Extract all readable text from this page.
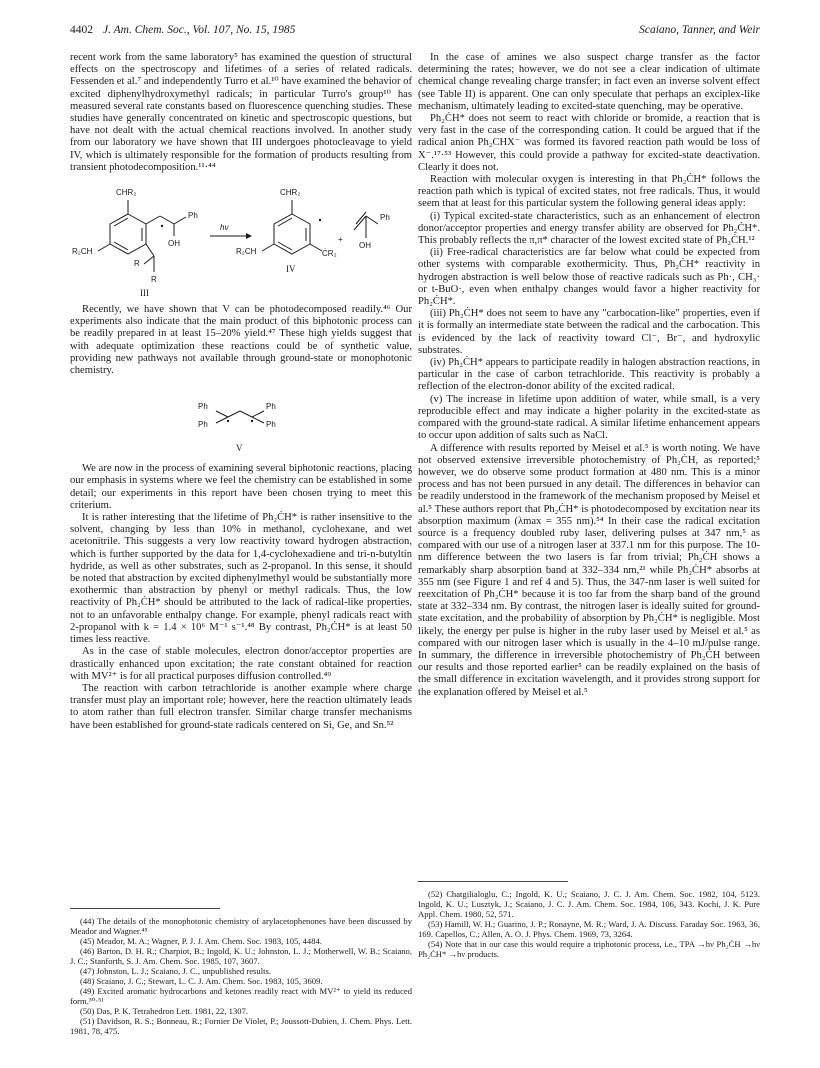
4402 J. Am. Chem. Soc., Vol. 107, No. 15, 1985	Scaiano, Tanner, and Weir

recent work from the same laboratory⁵ has examined the question of structural effects on the spectroscopy and lifetimes of a series of related radicals. Fessenden et al.⁷ and independently Turro et al.¹⁰ have examined the behavior of excited diphenylhydroxymethyl radicals; in particular Turro's group¹⁰ has measured several rate constants based on fluorescence quenching studies. These studies have generally concentrated on kinetic and spectroscopic questions, but have not dealt with the actual chemical reactions involved. In another study from our laboratory we have shown that III undergoes photocleavage to yield IV, which is ultimately responsible for the formation of products resulting from transient photodecomposition.¹¹·⁴⁴

CHR₂
Ph
OH
R₂CH
R
R
III
hν
CHR₂
R₂CH	ĊR₂
IV
+
Ph
OH

Recently, we have shown that V can be photodecomposed readily.⁴⁶ Our experiments also indicate that the main product of this biphotonic process can be readily prepared in at least 15–20% yield.⁴⁷ These high yields suggest that with adequate optimization these reactions could be of synthetic value, providing new pathways not available through ground-state or monophotonic chemistry.

Ph
Ph
Ph
Ph
V

We are now in the process of examining several biphotonic reactions, placing our emphasis in systems where we feel the chemistry can be established in some detail; our experiments in this report have been chosen trying to meet this criterium.

It is rather interesting that the lifetime of Ph₂ĊH* is rather insensitive to the solvent, changing by less than 10% in methanol, cyclohexane, and wet acetonitrile. This suggests a very low reactivity toward hydrogen abstraction, which is further supported by the data for 1,4-cyclohexadiene and tri-n-butyltin hydride, as well as other substrates, such as 2-propanol. In this sense, it should be noted that abstraction by excited diphenylmethyl would be substantially more exothermic than abstraction by phenyl or methyl radicals. Thus, the low reactivity of Ph₂ĊH* should be attributed to the lack of radical-like properties, not to an unfavorable enthalpy change. For example, phenyl radicals react with 2-propanol with k = 1.4 × 10⁶ M⁻¹ s⁻¹.⁴⁸ By contrast, Ph₂ĊH* is at least 50 times less reactive.

As in the case of stable molecules, electron donor/acceptor properties are drastically enhanced upon excitation; the rate constant obtained for reaction with MV²⁺ is for all practical purposes diffusion controlled.⁴⁹

The reaction with carbon tetrachloride is another example where charge transfer must play an important role; however, here the reaction ultimately leads to atom rather than full electron transfer. Similar charge transfer mechanisms have been established for ground-state radicals centered on Si, Ge, and Sn.⁵²

In the case of amines we also suspect charge transfer as the factor determining the rates; however, we do not see a clear indication of ultimate chemical change revealing charge transfer; in fact even an inverse solvent effect (see Table II) is apparent. One can only speculate that perhaps an exciplex-like mechanism, ultimately leading to excited-state quenching, may be operative.

Ph₂ĊH* does not seem to react with chloride or bromide, a reaction that is very fast in the case of the corresponding cation. It could be argued that if the radical anion Ph₂CHX⁻ was formed its favored reaction path would be loss of X⁻.¹⁷·⁵³ However, this could provide a pathway for excited-state deactivation. Clearly it does not.

Reaction with molecular oxygen is interesting in that Ph₂ĊH* follows the reaction path which is typical of excited states, not free radicals. Thus, it would seem that at least for this particular system the following general ideas apply:

(i) Typical excited-state characteristics, such as an enhancement of electron donor/acceptor properties and energy transfer ability are observed for Ph₂ĊH*. This probably reflects the π,π* character of the lowest excited state of Ph₂ĊH.¹²

(ii) Free-radical characteristics are far below what could be expected from other systems with comparable exothermicity. Thus, Ph₂ĊH* reactivity in hydrogen abstraction is well below those of reactive radicals such as Ph·, CH₃· or t-BuO·, even when enthalpy changes would favor a higher reactivity for Ph₂ĊH*.

(iii) Ph₂ĊH* does not seem to have any "carbocation-like" properties, even if it is formally an intermediate state between the radical and the carbocation. This is evidenced by the lack of reactivity toward Cl⁻, Br⁻, and hydroxylic substrates.

(iv) Ph₂ĊH* appears to participate readily in halogen abstraction reactions, in particular in the case of carbon tetrachloride. This reactivity is probably a reflection of the electron-donor ability of the excited radical.

(v) The increase in lifetime upon addition of water, while small, is a very reproducible effect and may indicate a higher polarity in the excited-state as compared with the ground-state radical. A similar lifetime enhancement appears to occur upon addition of salts such as NaCl.

A difference with results reported by Meisel et al.⁵ is worth noting. We have not observed extensive irreversible photochemistry of Ph₂ĊH, as reported;⁵ however, we do observe some product formation at 480 nm. This is a minor process and has not been pursued in any detail. The differences in behavior can be readily understood in the framework of the mechanism proposed by Meisel et al.⁵ These authors report that Ph₂ĊH* is photodecomposed by excitation near its absorption maximum (λmax = 355 nm).⁵⁴ In their case the radical excitation source is a frequency doubled ruby laser, delivering pulses at 347 nm,⁵ as compared with our use of a nitrogen laser at 337.1 nm for this purpose. The 10-nm difference between the two lasers is far from trivial; Ph₂ĊH shows a remarkably sharp absorption band at 332–334 nm,²¹ while Ph₂ĊH* absorbs at 355 nm (see Figure 1 and ref 4 and 5). Thus, the 347-nm laser is well suited for reexcitation of Ph₂ĊH* because it is too far from the sharp band of the ground state at 332–334 nm. By contrast, the nitrogen laser is ideally suited for ground-state excitation, and the probability of absorption by Ph₂ĊH* is negligible. Most likely, the energy per pulse is higher in the ruby laser used by Meisel et al.⁵ as compared with our nitrogen laser which is usually in the 4–10 mJ/pulse range. In summary, the difference in irreversible photochemistry of Ph₂ĊH between our results and those reported earlier⁵ can be readily explained on the basis of the small difference in excitation wavelength, and it provides strong support for the explanation offered by Meisel et al.⁵

(44) The details of the monophotonic chemistry of arylacetophenones have been discussed by Meador and Wagner.⁴⁵

(45) Meador, M. A.; Wagner, P. J. J. Am. Chem. Soc. 1983, 105, 4484.

(46) Barton, D. H. R.; Charpiot, B.; Ingold, K. U.; Johnston, L. J.; Motherwell, W. B.; Scaiano, J. C.; Stanforth, S. J. Am. Chem. Soc. 1985, 107, 3607.

(47) Johnston, L. J.; Scaiano, J. C., unpublished results.

(48) Scaiano, J. C.; Stewart, L. C. J. Am. Chem. Soc. 1983, 105, 3609.

(49) Excited aromatic hydrocarbons and ketones readily react with MV²⁺ to yield its reduced form.⁵⁰·⁵¹

(50) Das, P. K. Tetrahedron Lett. 1981, 22, 1307.

(51) Davidson, R. S.; Bonneau, R.; Fornier De Violet, P.; Joussott-Dubien, J. Chem. Phys. Lett. 1981, 78, 475.

(52) Chatgilialoglu, C.; Ingold, K. U.; Scaiano, J. C. J. Am. Chem. Soc. 1982, 104, 5123. Ingold, K. U.; Lusztyk, J.; Scaiano, J. C. J. Am. Chem. Soc. 1984, 106, 343. Kochi, J. K. Pure Appl. Chem. 1980, 52, 571.

(53) Hamill, W. H.; Guarino, J. P.; Ronayne, M. R.; Ward, J. A. Discuss. Faraday Soc. 1963, 36, 169. Capellos, C.; Allen, A. O. J. Phys. Chem. 1969, 73, 3264.

(54) Note that in our case this would require a triphotonic process, i.e., TPA →hν Ph₂ĊH →hν Ph₂ĊH* →hν products.
